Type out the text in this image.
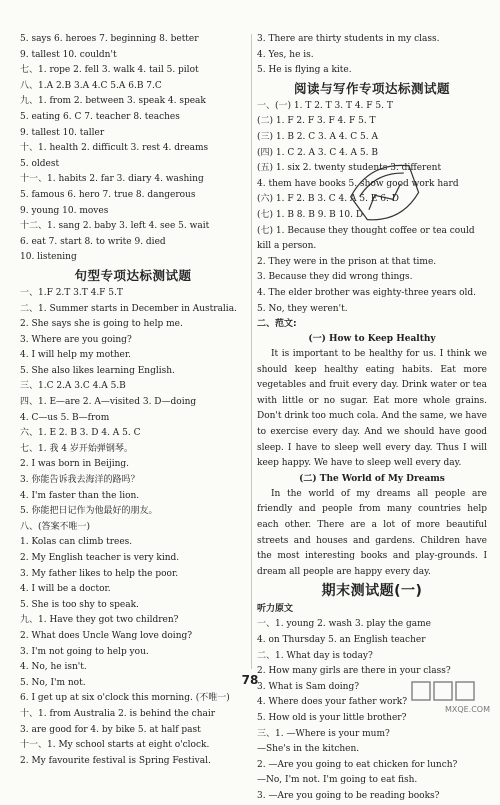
5. says 6. heroes 7. beginning 8. better
9. tallest 10. couldn't
七、1. rope 2. fell 3. walk 4. tail 5. pilot
八、1.A 2.B 3.A 4.C 5.A 6.B 7.C
九、1. from 2. between 3. speak 4. speak
5. eating 6. C 7. teacher 8. teaches
9. tallest 10. taller
十、1. health 2. difficult 3. rest 4. dreams
5. oldest
十一、1. habits 2. far 3. diary 4. washing
5. famous 6. hero 7. true 8. dangerous
9. young 10. moves
十二、1. sang 2. baby 3. left 4. see 5. wait
6. eat 7. start 8. to write 9. died
10. listening
句型专项达标测试题
一、1.F 2.T 3.T 4.F 5.T
二、1. Summer starts in December in Australia.
2. She says she is going to help me.
3. Where are you going?
4. I will help my mother.
5. She also likes learning English.
三、1.C 2.A 3.C 4.A 5.B
四、1. E—are 2. A—visited 3. D—doing
4. C—us 5. B—from
六、1. E 2. B 3. D 4. A 5. C
七、1. 我 4 岁开始弹钢琴。
2. I was born in Beijing.
3. 你能告诉我去海洋的路吗？
4. I'm faster than the lion.
5. 你能把日记作为他最好的朋友。
八、(答案不唯一)
1. Kolas can climb trees.
2. My English teacher is very kind.
3. My father likes to help the poor.
4. I will be a doctor.
5. She is too shy to speak.
九、1. Have they got two children?
2. What does Uncle Wang love doing?
3. I'm not going to help you.
4. No, he isn't.
5. No, I'm not.
6. I get up at six o'clock this morning. (不唯一)
十、1. from Australia 2. is behind the chair
3. are good for 4. by bike 5. at half past
十一、1. My school starts at eight o'clock.
2. My favourite festival is Spring Festival.
3. There are thirty students in my class.
4. Yes, he is.
5. He is flying a kite.
阅读与写作专项达标测试题
一、(一) 1. T 2. T 3. T 4. F 5. T
(二) 1. F 2. F 3. F 4. F 5. T
(三) 1. B 2. C 3. A 4. C 5. A
(四) 1. C 2. A 3. C 4. A 5. B
(五) 1. six 2. twenty students 3. different
4. them have books 5. show good work hard
(六) 1. F 2. B 3. C 4. A 5. E 6. D
(七) 1. B 8. B 9. B 10. D
(七) 1. Because they thought coffee or tea could
kill a person.
2. They were in the prison at that time.
3. Because they did wrong things.
4. The elder brother was eighty-three years old.
5. No, they weren't.
二、范文:
(一) How to Keep Healthy
It is important to be healthy for us. I think we should keep healthy eating habits. Eat more vegetables and fruit every day. Drink water or tea with little or no sugar. Eat more whole grains. Don't drink too much cola. And the same, we have to exercise every day. And we should have good sleep. I have to sleep well every day. Thus I will keep happy. We have to sleep well every day.
(二) The World of My Dreams
In the world of my dreams all people are friendly and people from many countries help each other. There are a lot of more beautiful streets and houses and gardens. Children have the most interesting books and play-grounds. I dream all people are happy every day.
期末测试题(一)
听力原文
一、1. young 2. wash 3. play the game
4. on Thursday 5. an English teacher
二、1. What day is today?
2. How many girls are there in your class?
3. What is Sam doing?
4. Where does your father work?
5. How old is your little brother?
三、1. —Where is your mum?
—She's in the kitchen.
2. —Are you going to eat chicken for lunch?
—No, I'm not. I'm going to eat fish.
3. —Are you going to be reading books?
78
MXQE.COM
